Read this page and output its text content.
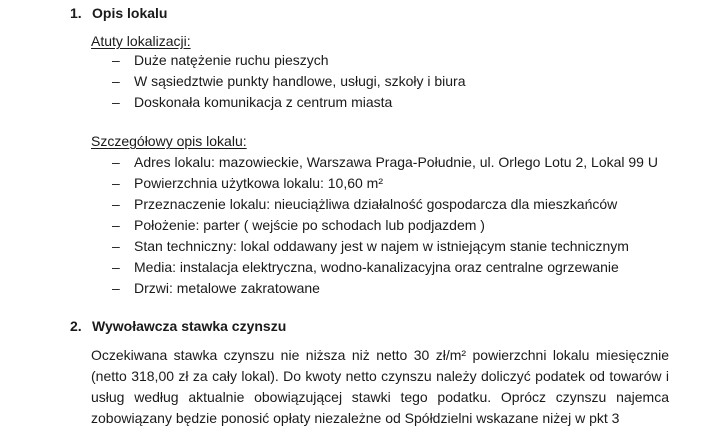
1. Opis lokalu
Atuty lokalizacji:
– Duże natężenie ruchu pieszych
– W sąsiedztwie punkty handlowe, usługi, szkoły i biura
– Doskonała komunikacja z centrum miasta
Szczegółowy opis lokalu:
– Adres lokalu: mazowieckie, Warszawa Praga-Południe, ul. Orlego Lotu 2, Lokal 99 U
– Powierzchnia użytkowa lokalu: 10,60 m²
– Przeznaczenie lokalu: nieuciążliwa działalność gospodarcza dla mieszkańców
– Położenie: parter ( wejście po schodach lub podjazdem )
– Stan techniczny: lokal oddawany jest w najem w istniejącym stanie technicznym
– Media: instalacja elektryczna, wodno-kanalizacyjna oraz centralne ogrzewanie
– Drzwi: metalowe zakratowane
2. Wywoławcza stawka czynszu

Oczekiwana stawka czynszu nie niższa niż netto 30 zł/m² powierzchni lokalu miesięcznie (netto 318,00 zł za cały lokal). Do kwoty netto czynszu należy doliczyć podatek od towarów i usług według aktualnie obowiązującej stawki tego podatku. Oprócz czynszu najemca zobowiązany będzie ponosić opłaty niezależne od Spółdzielni wskazane niżej w pkt 3
